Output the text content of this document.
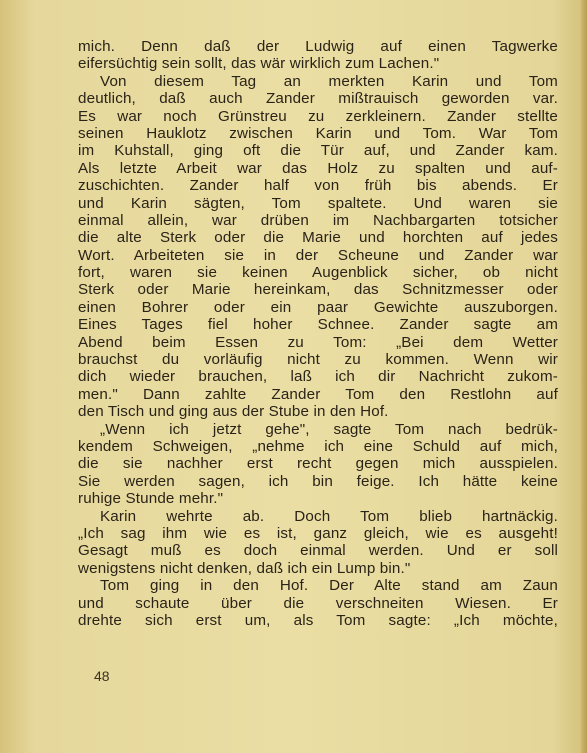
mich. Denn daß der Ludwig auf einen Tagwerke
eifersüchtig sein sollt, das wär wirklich zum Lachen."
Von diesem Tag an merkten Karin und Tom
deutlich, daß auch Zander mißtrauisch geworden var.
Es war noch Grünstreu zu zerkleinern. Zander stellte
seinen Hauklotz zwischen Karin und Tom. War Tom
im Kuhstall, ging oft die Tür auf, und Zander kam.
Als letzte Arbeit war das Holz zu spalten und auf-
zuschichten. Zander half von früh bis abends. Er
und Karin sägten, Tom spaltete. Und waren sie
einmal allein, war drüben im Nachbargarten totsicher
die alte Sterk oder die Marie und horchten auf jedes
Wort. Arbeiteten sie in der Scheune und Zander war
fort, waren sie keinen Augenblick sicher, ob nicht
Sterk oder Marie hereinkam, das Schnitzmesser oder
einen Bohrer oder ein paar Gewichte auszuborgen.
Eines Tages fiel hoher Schnee. Zander sagte am
Abend beim Essen zu Tom: „Bei dem Wetter
brauchst du vorläufig nicht zu kommen. Wenn wir
dich wieder brauchen, laß ich dir Nachricht zukom-
men." Dann zahlte Zander Tom den Restlohn auf
den Tisch und ging aus der Stube in den Hof.
„Wenn ich jetzt gehe", sagte Tom nach bedrük-
kendem Schweigen, „nehme ich eine Schuld auf mich,
die sie nachher erst recht gegen mich ausspielen.
Sie werden sagen, ich bin feige. Ich hätte keine
ruhige Stunde mehr."
Karin wehrte ab. Doch Tom blieb hartnäckig.
„Ich sag ihm wie es ist, ganz gleich, wie es ausgeht!
Gesagt muß es doch einmal werden. Und er soll
wenigstens nicht denken, daß ich ein Lump bin."
Tom ging in den Hof. Der Alte stand am Zaun
und schaute über die verschneiten Wiesen. Er
drehte sich erst um, als Tom sagte: „Ich möchte,
48
